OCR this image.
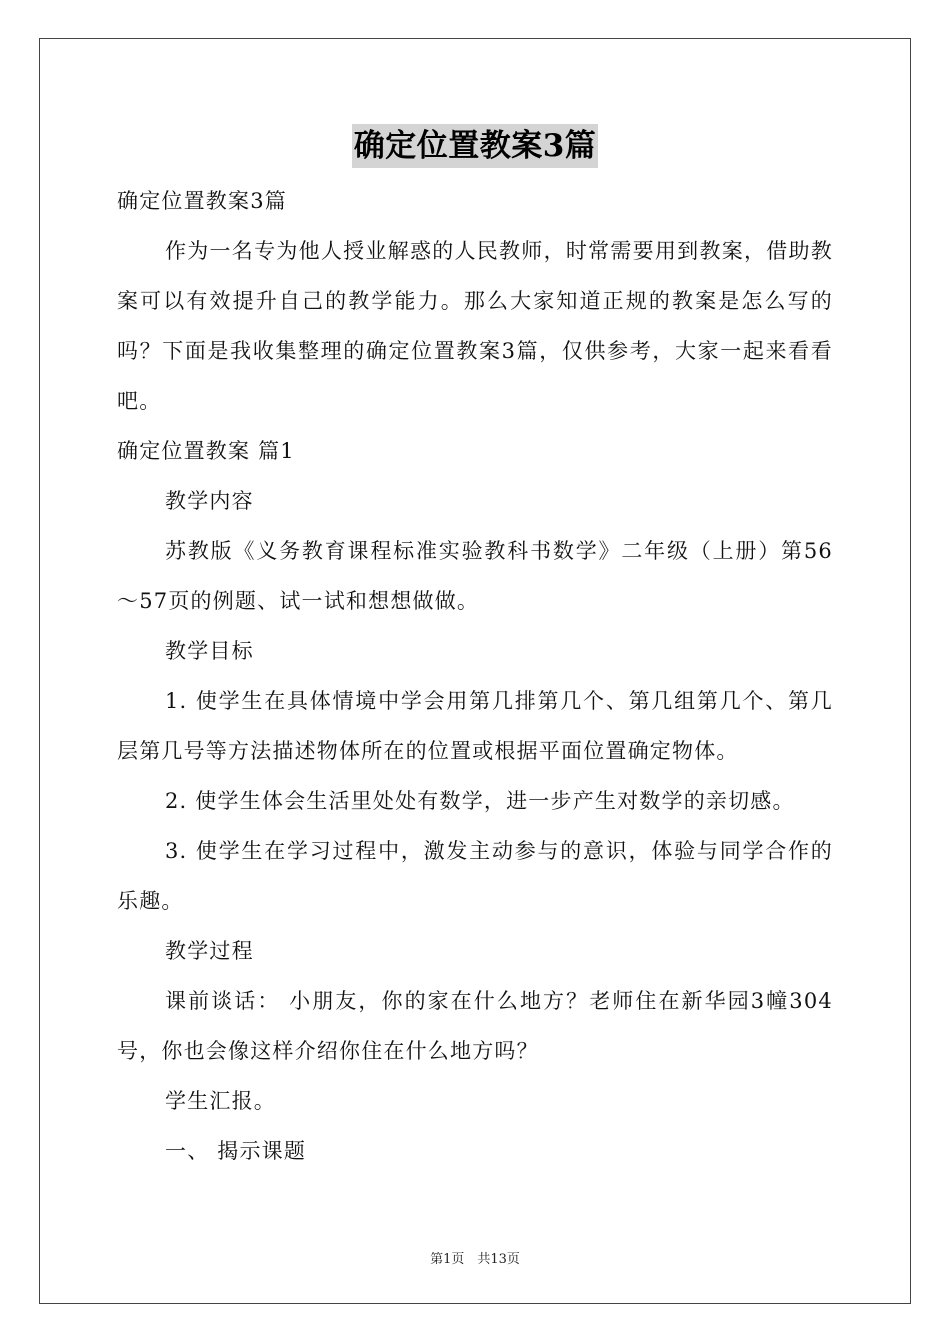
确定位置教案3篇

确定位置教案3篇

作为一名专为他人授业解惑的人民教师，时常需要用到教案，借助教案可以有效提升自己的教学能力。那么大家知道正规的教案是怎么写的吗？下面是我收集整理的确定位置教案3篇，仅供参考，大家一起来看看吧。

确定位置教案 篇1

教学内容

苏教版《义务教育课程标准实验教科书数学》二年级（上册）第56～57页的例题、试一试和想想做做。

教学目标

1. 使学生在具体情境中学会用第几排第几个、第几组第几个、第几层第几号等方法描述物体所在的位置或根据平面位置确定物体。

2. 使学生体会生活里处处有数学，进一步产生对数学的亲切感。

3. 使学生在学习过程中，激发主动参与的意识，体验与同学合作的乐趣。

教学过程

课前谈话： 小朋友，你的家在什么地方？老师住在新华园3幢304号，你也会像这样介绍你住在什么地方吗？

学生汇报。

一、 揭示课题

第1页　共13页
